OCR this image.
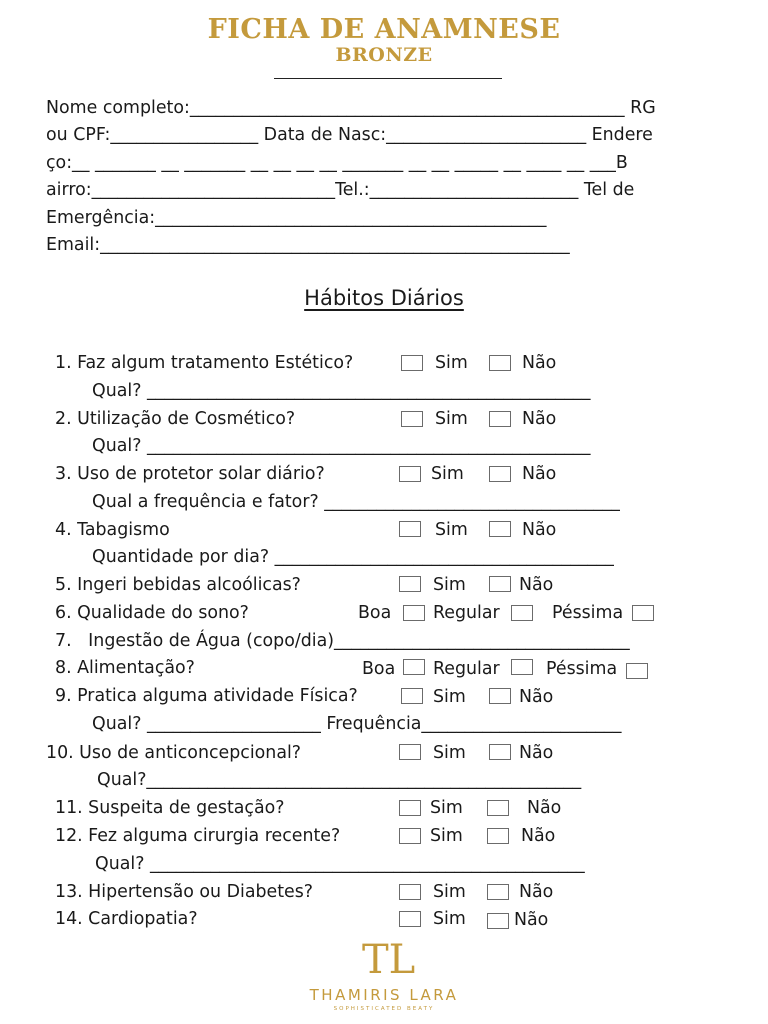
FICHA DE ANAMNESE
BRONZE
Nome completo:__________________________________________________ RG
ou CPF:_________________ Data de Nasc:_______________________ Endere
ço:__ _______ __ _______ __ __ __ __ _______ __ __ _____ __ ____ __ ___B
airro:____________________________Tel.:________________________ Tel de
Emergência:_____________________________________________
Email:______________________________________________________
Hábitos Diários
1. Faz algum tratamento Estético?	Sim	Não
Qual? ___________________________________________________
2. Utilização de Cosmético?	Sim	Não
Qual? ___________________________________________________
3. Uso de protetor solar diário?	Sim	Não
Qual a frequência e fator? __________________________________
4. Tabagismo	Sim	Não
Quantidade por dia? _______________________________________
5. Ingeri bebidas alcoólicas?	Sim	Não
6. Qualidade do sono?	Boa Regular	Péssima
7.   Ingestão de Água (copo/dia)__________________________________
8. Alimentação?	Boa Regular	Péssima
9. Pratica alguma atividade Física?	Sim	Não
Qual? ____________________ Frequência_______________________
10. Uso de anticoncepcional?	Sim	Não
Qual?__________________________________________________
11. Suspeita de gestação?	Sim	Não
12. Fez alguma cirurgia recente?	Sim	Não
Qual? __________________________________________________
13. Hipertensão ou Diabetes?	Sim	Não
14. Cardiopatia?	Sim	Não

TL

THAMIRIS LARA

SOPHISTICATED BEATY
